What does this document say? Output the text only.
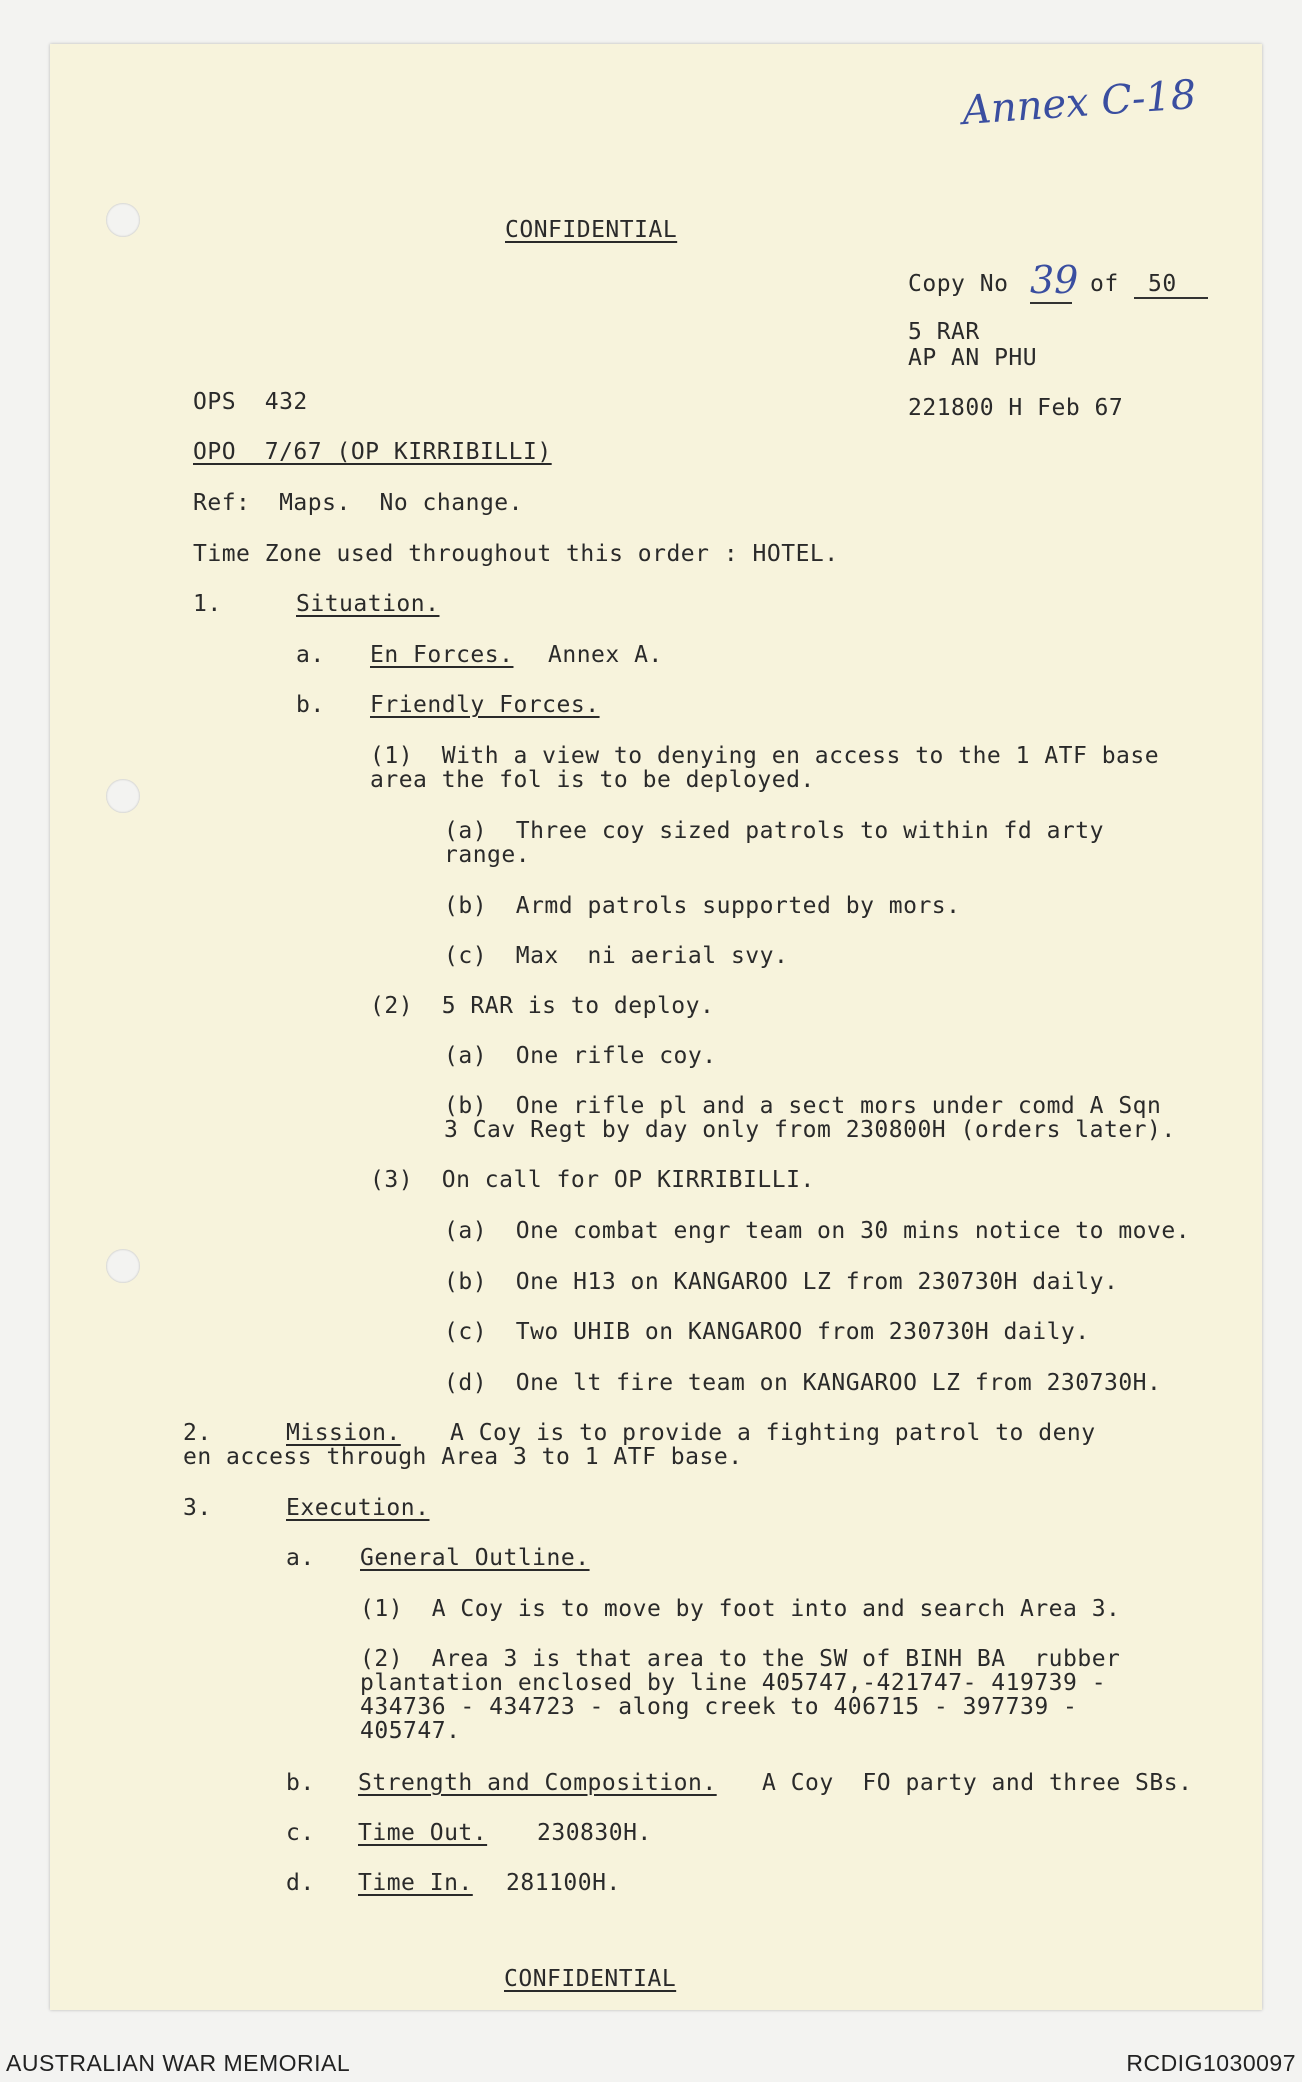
Annex C-18
CONFIDENTIAL
Copy No 39 of	50
5 RAR
AP AN PHU
221800 H Feb 67
OPS  432
OPO  7/67 (OP KIRRIBILLI)
Ref:  Maps.  No change.
Time Zone used throughout this order : HOTEL.
1.	Situation.
a. En Forces. Annex A.
b. Friendly Forces.
(1)  With a view to denying en access to the 1 ATF base
area the fol is to be deployed.
(a)  Three coy sized patrols to within fd arty
range.
(b)  Armd patrols supported by mors.
(c)  Max  ni aerial svy.
(2)  5 RAR is to deploy.
(a)  One rifle coy.
(b)  One rifle pl and a sect mors under comd A Sqn
3 Cav Regt by day only from 230800H (orders later).
(3)  On call for OP KIRRIBILLI.
(a)  One combat engr team on 30 mins notice to move.
(b)  One H13 on KANGAROO LZ from 230730H daily.
(c)  Two UHIB on KANGAROO from 230730H daily.
(d)  One lt fire team on KANGAROO LZ from 230730H.
2.	Mission. A Coy is to provide a fighting patrol to deny
en access through Area 3 to 1 ATF base.
3.	Execution.
a. General Outline.
(1)  A Coy is to move by foot into and search Area 3.
(2)  Area 3 is that area to the SW of BINH BA  rubber
plantation enclosed by line 405747,-421747- 419739 -
434736 - 434723 - along creek to 406715 - 397739 -
405747.
b. Strength and Composition. A Coy  FO party and three SBs.
c. Time Out. 230830H.
d. Time In. 281100H.
CONFIDENTIAL
AUSTRALIAN WAR MEMORIAL	RCDIG1030097
